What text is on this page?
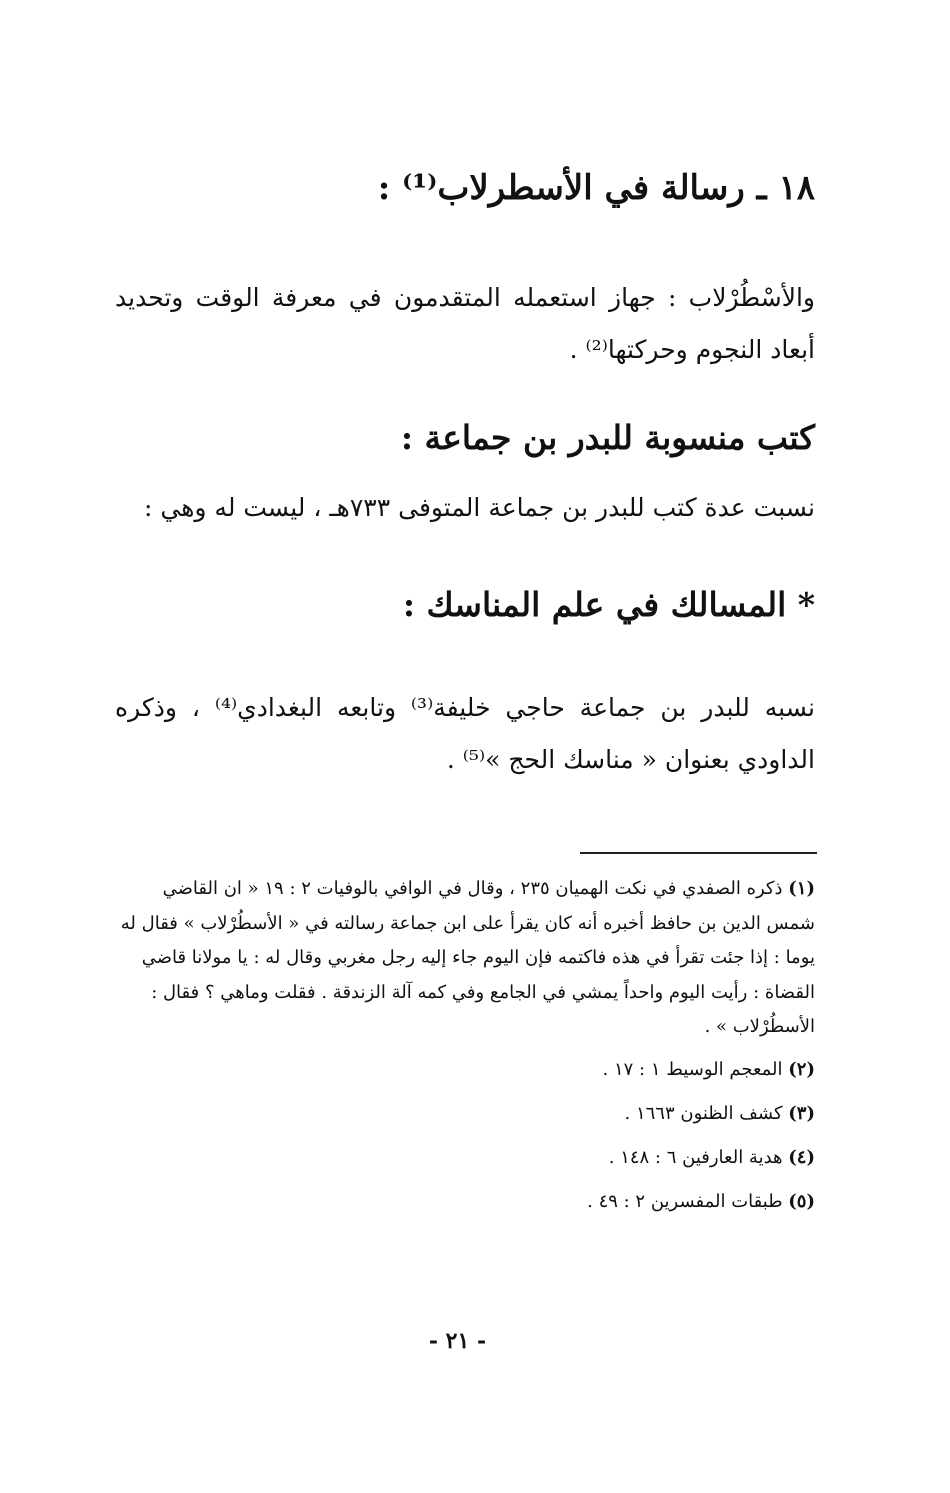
١٨ ـ رسالة في الأسطرلاب⁽¹⁾ :
والأسْطُرْلاب : جهاز استعمله المتقدمون في معرفة الوقت وتحديد أبعاد النجوم وحركتها⁽²⁾ .
كتب منسوبة للبدر بن جماعة :
نسبت عدة كتب للبدر بن جماعة المتوفى ٧٣٣هـ ، ليست له وهي :
* المسالك في علم المناسك :
نسبه للبدر بن جماعة حاجي خليفة⁽³⁾ وتابعه البغدادي⁽⁴⁾ ، وذكره الداودي بعنوان « مناسك الحج »⁽⁵⁾ .
(١) ذكره الصفدي في نكت الهميان ٢٣٥ ، وقال في الوافي بالوفيات ٢ : ١٩ « ان القاضي شمس الدين بن حافظ أخبره أنه كان يقرأ على ابن جماعة رسالته في « الأسطُرْلاب » فقال له يوما : إذا جئت تقرأ في هذه فاكتمه فإن اليوم جاء إليه رجل مغربي وقال له : يا مولانا قاضي القضاة : رأيت اليوم واحداً يمشي في الجامع وفي كمه آلة الزندقة . فقلت وماهي ؟ فقال : الأسطُرْلاب » .
(٢) المعجم الوسيط ١ : ١٧ .
(٣) كشف الظنون ١٦٦٣ .
(٤) هدية العارفين ٦ : ١٤٨ .
(٥) طبقات المفسرين ٢ : ٤٩ .
- ٢١ -
